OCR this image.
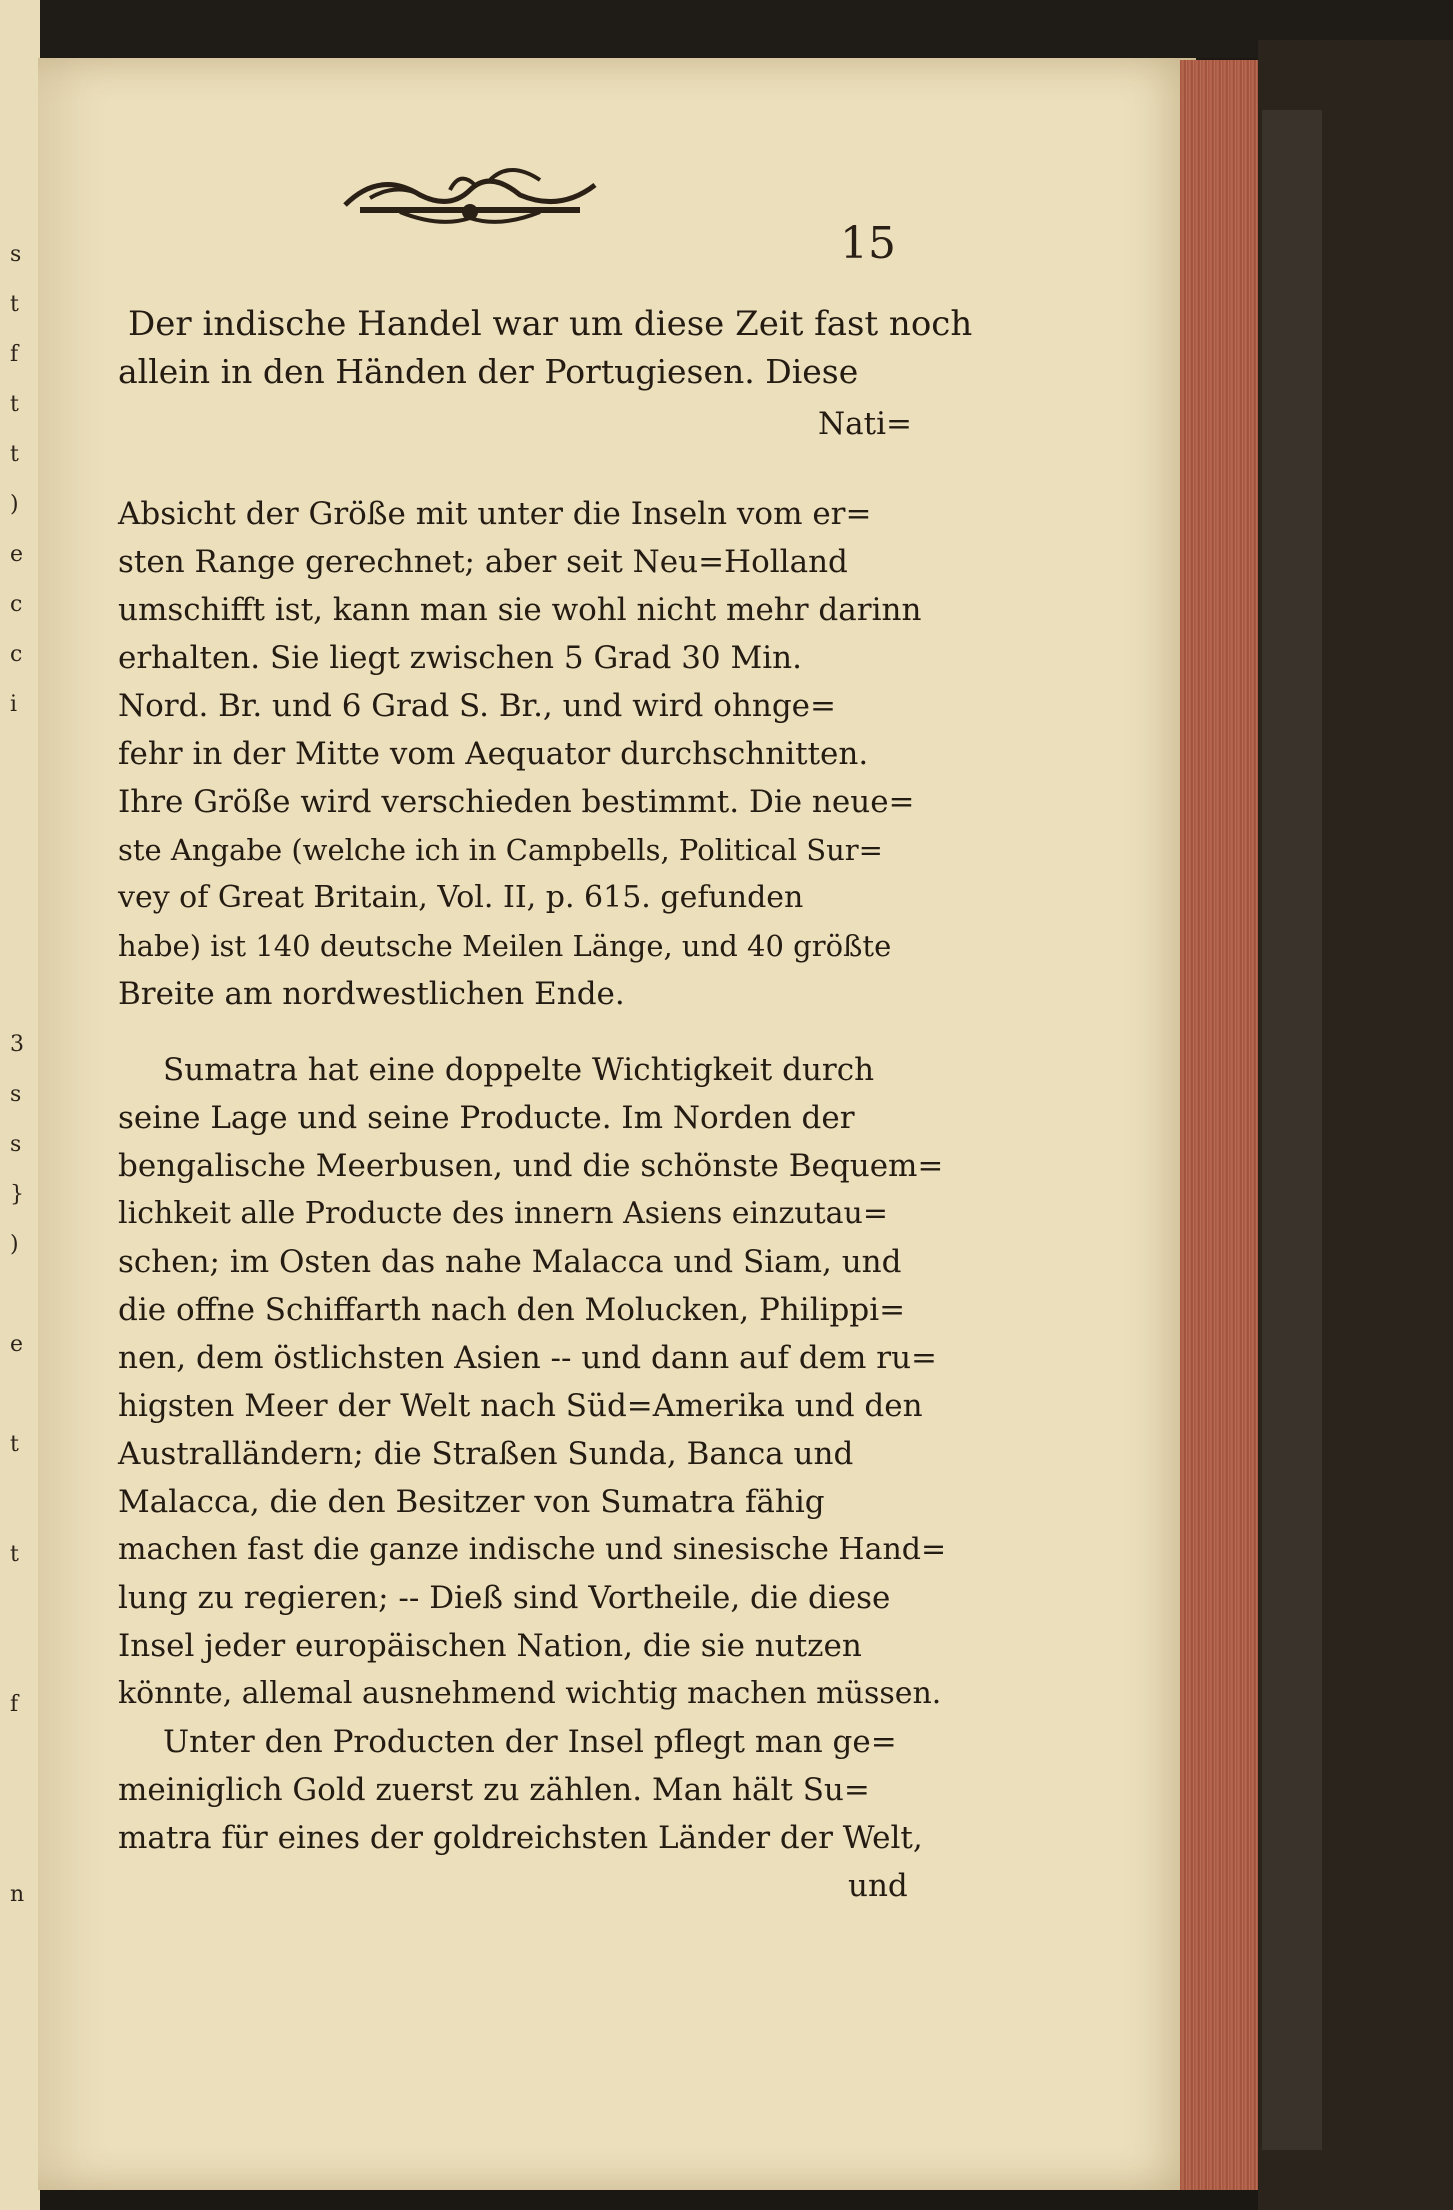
s
t
f
t
t
)
e
c
c
i
3
s
s
}
)
e
t
t
f
n
15
Der indische Handel war um diese Zeit fast noch
allein in den Händen der Portugiesen. Diese
Nati=
Absicht der Größe mit unter die Inseln vom er=
sten Range gerechnet; aber seit Neu=Holland
umschifft ist, kann man sie wohl nicht mehr darinn
erhalten. Sie liegt zwischen 5 Grad 30 Min.
Nord. Br. und 6 Grad S. Br., und wird ohnge=
fehr in der Mitte vom Aequator durchschnitten.
Ihre Größe wird verschieden bestimmt. Die neue=
ste Angabe (welche ich in Campbells, Political Sur=
vey of Great Britain, Vol. II, p. 615. gefunden
habe) ist 140 deutsche Meilen Länge, und 40 größte
Breite am nordwestlichen Ende.
Sumatra hat eine doppelte Wichtigkeit durch
seine Lage und seine Producte. Im Norden der
bengalische Meerbusen, und die schönste Bequem=
lichkeit alle Producte des innern Asiens einzutau=
schen; im Osten das nahe Malacca und Siam, und
die offne Schiffarth nach den Molucken, Philippi=
nen, dem östlichsten Asien -- und dann auf dem ru=
higsten Meer der Welt nach Süd=Amerika und den
Australländern; die Straßen Sunda, Banca und
Malacca, die den Besitzer von Sumatra fähig
machen fast die ganze indische und sinesische Hand=
lung zu regieren; -- Dieß sind Vortheile, die diese
Insel jeder europäischen Nation, die sie nutzen
könnte, allemal ausnehmend wichtig machen müssen.
Unter den Producten der Insel pflegt man ge=
meiniglich Gold zuerst zu zählen. Man hält Su=
matra für eines der goldreichsten Länder der Welt,
und
